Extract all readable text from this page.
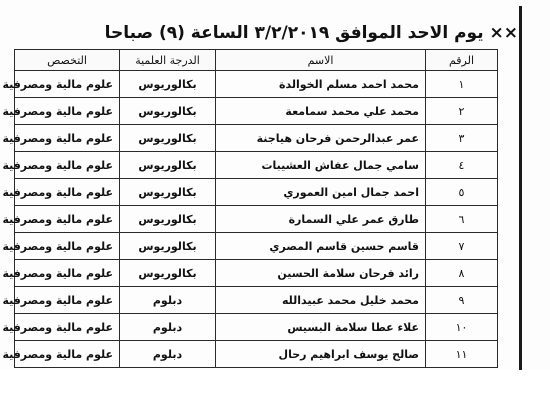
×× يوم الاحد الموافق ٣/٢/٢٠١٩ الساعة (٩) صباحا
الرقم	الاسم	الدرجة العلمية	التخصص
١	محمد احمد مسلم الخوالدة	بكالوريوس	علوم مالية ومصرفية
٢	محمد علي محمد سمامعة	بكالوريوس	علوم مالية ومصرفية
٣	عمر عبدالرحمن فرحان هياجنة	بكالوريوس	علوم مالية ومصرفية
٤	سامي جمال عفاش العشيبات	بكالوريوس	علوم مالية ومصرفية
٥	احمد جمال امين العموري	بكالوريوس	علوم مالية ومصرفية
٦	طارق عمر علي السمارة	بكالوريوس	علوم مالية ومصرفية
٧	قاسم حسين قاسم المصري	بكالوريوس	علوم مالية ومصرفية
٨	رائد فرحان سلامة الحسين	بكالوريوس	علوم مالية ومصرفية
٩	محمد خليل محمد عبيدالله	دبلوم	علوم مالية ومصرفية
١٠	علاء عطا سلامة البسيس	دبلوم	علوم مالية ومصرفية
١١	صالح يوسف ابراهيم رحال	دبلوم	علوم مالية ومصرفية
